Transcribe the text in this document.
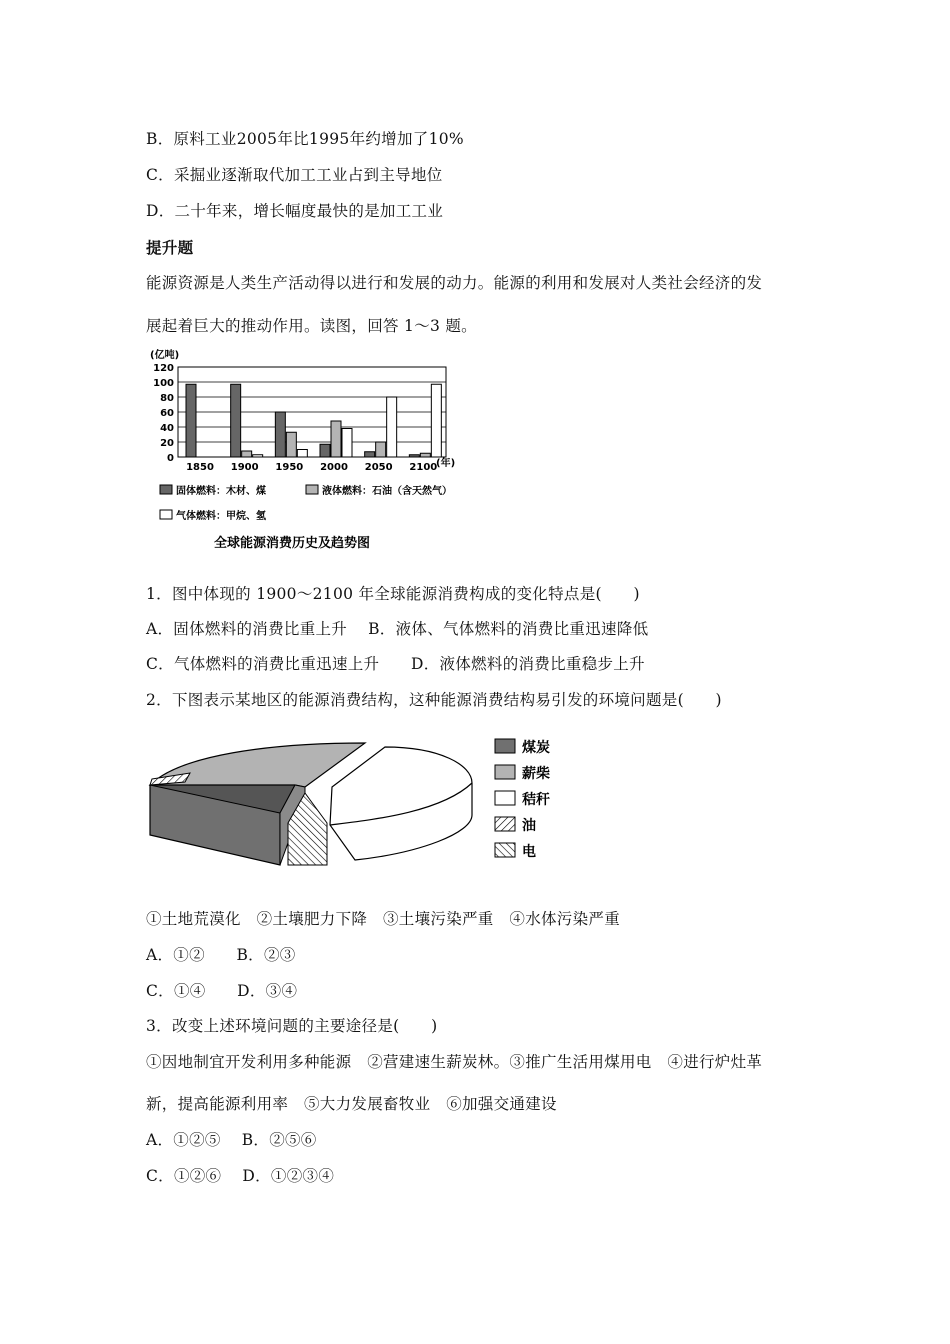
B．原料工业2005年比1995年约增加了10%
C．采掘业逐渐取代加工工业占到主导地位
D．二十年来，增长幅度最快的是加工工业
提升题
能源资源是人类生产活动得以进行和发展的动力。能源的利用和发展对人类社会经济的发
展起着巨大的推动作用。读图，回答 1～3 题。
0
20
40
60
80
100
120
1850 1900 1950 2000 2050 2100
(亿吨)
(年)
固体燃料：木材、煤	液体燃料：石油（含天然气）
气体燃料：甲烷、氢
全球能源消费历史及趋势图
1．图中体现的 1900～2100 年全球能源消费构成的变化特点是(　　)
A．固体燃料的消费比重上升　 B．液体、气体燃料的消费比重迅速降低
C．气体燃料的消费比重迅速上升　　D．液体燃料的消费比重稳步上升
2．下图表示某地区的能源消费结构，这种能源消费结构易引发的环境问题是(　　)
煤炭
薪柴
秸秆
油
电
①土地荒漠化　②土壤肥力下降　③土壤污染严重　④水体污染严重
A．①②　　B．②③
C．①④　　D．③④
3．改变上述环境问题的主要途径是(　　)
①因地制宜开发利用多种能源　②营建速生薪炭林。③推广生活用煤用电　④进行炉灶革
新，提高能源利用率　⑤大力发展畜牧业　⑥加强交通建设
A．①②⑤　 B．②⑤⑥
C．①②⑥　 D．①②③④
